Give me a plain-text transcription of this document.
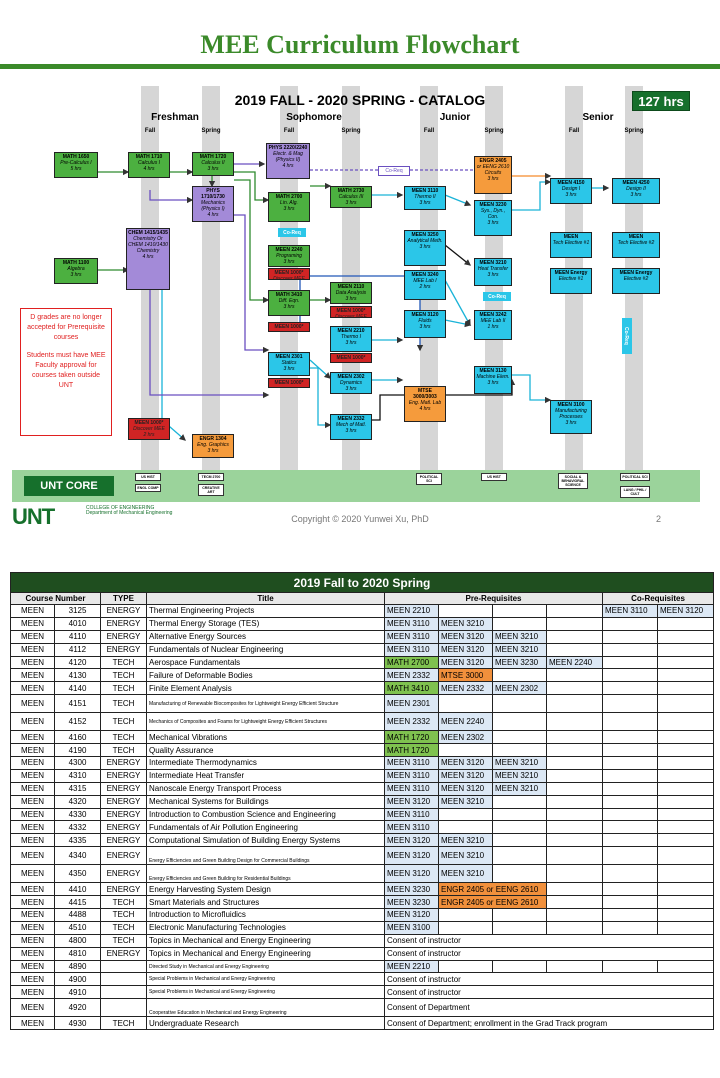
MEE Curriculum Flowchart
2019 FALL - 2020 SPRING - CATALOG	127 hrs
Freshman	Sophomore	Junior	Senior
Fall	Spring	Fall	Spring	Fall	Spring	Fall	Spring
Co-Req
Co-Req
Co-Req
Co-Req
MATH 1650
Pre-Calculus I
5 hrs
MATH 1710
Calculus I
4 hrs
MATH 1720
Calculus II
3 hrs
PHYS 2220/2240
Electr. & Mag
(Physics II)
4 hrs
PHYS 1710/1730
Mechanics
(Physics I)
4 hrs
MATH 2700
Lin. Alg.
3 hrs
MATH 2730
Calculus III
3 hrs
ENGR 2405
or EENG 2610 Circuits
3 hrs
MEEN 3110
Thermo II
3 hrs	MEEN 3230
Sys., Dyn., Con.
3 hrs
MEEN 4150
Design I
3 hrs
MEEN 4250
Design II
3 hrs
MATH 1100
Algebra
3 hrs
CHEM 1415/1435
Chemistry Or CHEM 1410/1430 Chemistry
4 hrs
MEEN 2240
Programing
3 hrs
MEEN 1000*
Discover MEE
MATH 3410
Diff. Eqn.
3 hrs
MEEN 1000*
Discover MEE
MEEN 3250
Analytical Meth.
3 hrs
MEEN 3210
Heat Transfer
3 hrs
MEEN
Tech Elective #1
MEEN
Tech Elective #2
MEEN 2110
Data Analysis
3 hrs
MEEN 3240
MEE Lab I
2 hrs
MEEN Energy
Elective #1
MEEN Energy
Elective #2
MEEN 1000*
MEEN 3120
Fluids
3 hrs
MEEN 3242
MEE Lab II
1 hrs
MEEN 2210
Thermo I
3 hrs
MEEN 1000*
MEEN 2301
Statics
3 hrs
MEEN 1000*
MEEN 2302
Dynamics
3 hrs	MTSE 3000/3003
Eng. Matl. Lab
4 hrs
MEEN 3130
Machine Elem.
3 hrs
MEEN 3100
Manufacturing Processes
3 hrs
MEEN 1000*
Discover MEE
2 hrs
ENGR 1304
Eng. Graphics
3 hrs
MEEN 2332
Mech of Matl.
3 hrs

D grades are no longer accepted for Prerequisite courses

Students must have MEE Faculty approval for courses taken outside UNT

UNT CORE
US HIST
ENGL COMP
TECM 2700
CREATIVE ART
POLITICAL SCI
US HIST	SOCIAL & BEHAVIORAL SCIENCE
POLITICAL SCI
LANG / PHIL / CULT
UNT	COLLEGE OF ENGINEERING Department of Mechanical Engineering
Copyright © 2020 Yunwei Xu, PhD	2
2019 Fall to 2020 Spring									
Course Number		TYPE	Title	Pre-Requisites				Co-Requisites	
MEEN	3125	ENERGY	Thermal Engineering Projects	MEEN 2210				MEEN 3110	MEEN 3120
MEEN	4010	ENERGY	Thermal Energy Storage (TES)	MEEN 3110	MEEN 3210				
MEEN	4110	ENERGY	Alternative Energy Sources	MEEN 3110	MEEN 3120	MEEN 3210			
MEEN	4112	ENERGY	Fundamentals of Nuclear Engineering	MEEN 3110	MEEN 3120	MEEN 3210			
MEEN	4120	TECH	Aerospace Fundamentals	MATH 2700	MEEN 3120	MEEN 3230	MEEN 2240		
MEEN	4130	TECH	Failure of Deformable Bodies	MEEN 2332	MTSE 3000				
MEEN	4140	TECH	Finite Element Analysis	MATH 3410	MEEN 2332	MEEN 2302			
MEEN	4151	TECH	Manufacturing of Renewable Biocomposites for Lightweight Energy Efficient Structure	MEEN 2301					
MEEN	4152	TECH	Mechanics of Composites and Foams for Lightweight Energy Efficient Structures	MEEN 2332	MEEN 2240				
MEEN	4160	TECH	Mechanical Vibrations	MATH 1720	MEEN 2302				
MEEN	4190	TECH	Quality Assurance	MATH 1720					
MEEN	4300	ENERGY	Intermediate Thermodynamics	MEEN 3110	MEEN 3120	MEEN 3210			
MEEN	4310	ENERGY	Intermediate Heat Transfer	MEEN 3110	MEEN 3120	MEEN 3210			
MEEN	4315	ENERGY	Nanoscale Energy Transport Process	MEEN 3110	MEEN 3120	MEEN 3210			
MEEN	4320	ENERGY	Mechanical Systems for Buildings	MEEN 3120	MEEN 3210				
MEEN	4330	ENERGY	Introduction to Combustion Science and Engineering	MEEN 3110					
MEEN	4332	ENERGY	Fundamentals of Air Pollution Engineering	MEEN 3110					
MEEN	4335	ENERGY	Computational Simulation of Building Energy Systems	MEEN 3120	MEEN 3210				
MEEN	4340	ENERGY	Energy Efficiencies and Green Building Design for Commercial Buildings	MEEN 3120	MEEN 3210				
MEEN	4350	ENERGY	Energy Efficiencies and Green Building for Residential Buildings	MEEN 3120	MEEN 3210				
MEEN	4410	ENERGY	Energy Harvesting System Design	MEEN 3230	ENGR 2405 or EENG 2610				
MEEN	4415	TECH	Smart Materials and Structures	MEEN 3230	ENGR 2405 or EENG 2610				
MEEN	4488	TECH	Introduction to Microfluidics	MEEN 3120					
MEEN	4510	TECH	Electronic Manufacturing Technologies	MEEN 3100					
MEEN	4800	TECH	Topics in Mechanical and Energy Engineering	Consent of instructor					
MEEN	4810	ENERGY	Topics in Mechanical and Energy Engineering	Consent of instructor					
MEEN	4890		Directed Study in Mechanical and Energy Engineering	MEEN 2210					
MEEN	4900		Special Problems in Mechanical and Energy Engineering	Consent of instructor					
MEEN	4910		Special Problems in Mechanical and Energy Engineering	Consent of instructor					
MEEN	4920		Cooperative Education in Mechanical and Energy Engineering	Consent of Department					
MEEN	4930	TECH	Undergraduate Research	Consent of Department; enrollment in the Grad Track program					
